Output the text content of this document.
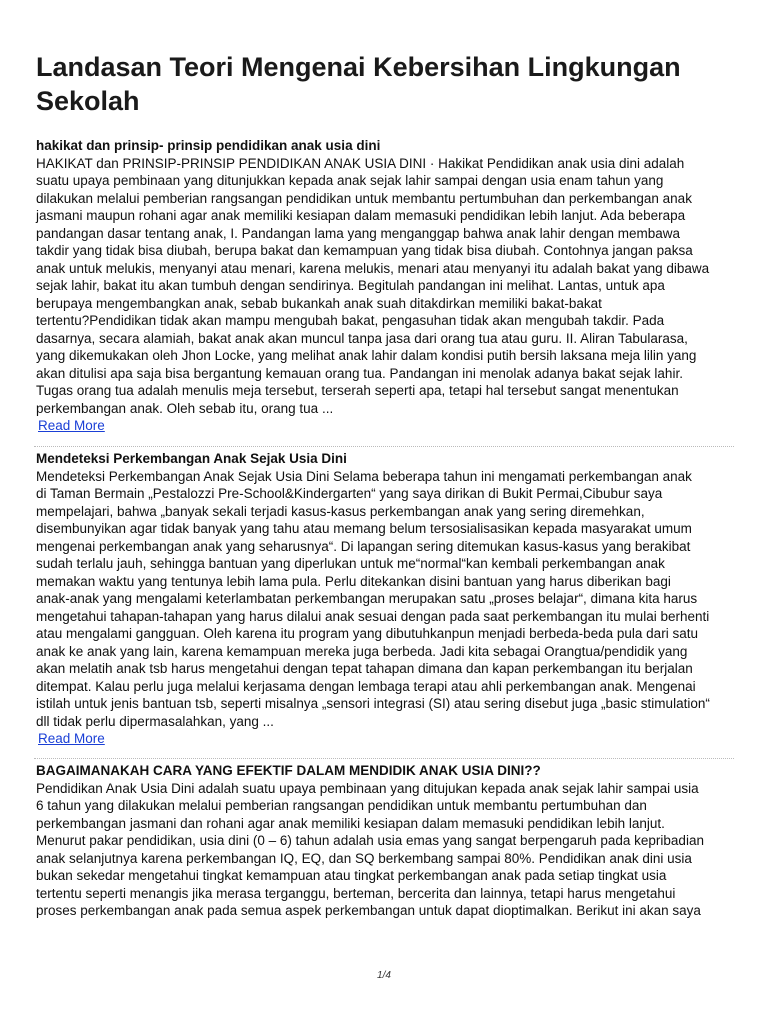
Landasan Teori Mengenai Kebersihan Lingkungan Sekolah

hakikat dan prinsip- prinsip pendidikan anak usia dini

HAKIKAT dan PRINSIP-PRINSIP PENDIDIKAN ANAK USIA DINI · Hakikat Pendidikan anak usia dini adalah
suatu upaya pembinaan yang ditunjukkan kepada anak sejak lahir sampai dengan usia enam tahun yang
dilakukan melalui pemberian rangsangan pendidikan untuk membantu pertumbuhan dan perkembangan anak
jasmani maupun rohani agar anak memiliki kesiapan dalam memasuki pendidikan lebih lanjut. Ada beberapa
pandangan dasar tentang anak, I. Pandangan lama yang menganggap bahwa anak lahir dengan membawa
takdir yang tidak bisa diubah, berupa bakat dan kemampuan yang tidak bisa diubah. Contohnya jangan paksa
anak untuk melukis, menyanyi atau menari, karena melukis, menari atau menyanyi itu adalah bakat yang dibawa
sejak lahir, bakat itu akan tumbuh dengan sendirinya. Begitulah pandangan ini melihat. Lantas, untuk apa
berupaya mengembangkan anak, sebab bukankah anak suah ditakdirkan memiliki bakat-bakat
tertentu?Pendidikan tidak akan mampu mengubah bakat, pengasuhan tidak akan mengubah takdir. Pada
dasarnya, secara alamiah, bakat anak akan muncul tanpa jasa dari orang tua atau guru. II. Aliran Tabularasa,
yang dikemukakan oleh Jhon Locke, yang melihat anak lahir dalam kondisi putih bersih laksana meja lilin yang
akan ditulisi apa saja bisa bergantung kemauan orang tua. Pandangan ini menolak adanya bakat sejak lahir.
Tugas orang tua adalah menulis meja tersebut, terserah seperti apa, tetapi hal tersebut sangat menentukan
perkembangan anak. Oleh sebab itu, orang tua ...

Read More

Mendeteksi Perkembangan Anak Sejak Usia Dini

Mendeteksi Perkembangan Anak Sejak Usia Dini Selama beberapa tahun ini mengamati perkembangan anak
di Taman Bermain „Pestalozzi Pre-School&Kindergarten“ yang saya dirikan di Bukit Permai,Cibubur saya
mempelajari, bahwa „banyak sekali terjadi kasus-kasus perkembangan anak yang sering diremehkan,
disembunyikan agar tidak banyak yang tahu atau memang belum tersosialisasikan kepada masyarakat umum
mengenai perkembangan anak yang seharusnya“. Di lapangan sering ditemukan kasus-kasus yang berakibat
sudah terlalu jauh, sehingga bantuan yang diperlukan untuk me“normal“kan kembali perkembangan anak
memakan waktu yang tentunya lebih lama pula. Perlu ditekankan disini bantuan yang harus diberikan bagi
anak-anak yang mengalami keterlambatan perkembangan merupakan satu „proses belajar“, dimana kita harus
mengetahui tahapan-tahapan yang harus dilalui anak sesuai dengan pada saat perkembangan itu mulai berhenti
atau mengalami gangguan. Oleh karena itu program yang dibutuhkanpun menjadi berbeda-beda pula dari satu
anak ke anak yang lain, karena kemampuan mereka juga berbeda. Jadi kita sebagai Orangtua/pendidik yang
akan melatih anak tsb harus mengetahui dengan tepat tahapan dimana dan kapan perkembangan itu berjalan
ditempat. Kalau perlu juga melalui kerjasama dengan lembaga terapi atau ahli perkembangan anak. Mengenai
istilah untuk jenis bantuan tsb, seperti misalnya „sensori integrasi (SI) atau sering disebut juga „basic stimulation“
dll tidak perlu dipermasalahkan, yang ...

Read More

BAGAIMANAKAH CARA YANG EFEKTIF DALAM MENDIDIK ANAK USIA DINI??

Pendidikan Anak Usia Dini adalah suatu upaya pembinaan yang ditujukan kepada anak sejak lahir sampai usia
6 tahun yang dilakukan melalui pemberian rangsangan pendidikan untuk membantu pertumbuhan dan
perkembangan jasmani dan rohani agar anak memiliki kesiapan dalam memasuki pendidikan lebih lanjut.
Menurut pakar pendidikan, usia dini (0 – 6) tahun adalah usia emas yang sangat berpengaruh pada kepribadian
anak selanjutnya karena perkembangan IQ, EQ, dan SQ berkembang sampai 80%. Pendidikan anak dini usia
bukan sekedar mengetahui tingkat kemampuan atau tingkat perkembangan anak pada setiap tingkat usia
tertentu seperti menangis jika merasa terganggu, berteman, bercerita dan lainnya, tetapi harus mengetahui
proses perkembangan anak pada semua aspek perkembangan untuk dapat dioptimalkan. Berikut ini akan saya

1/4
